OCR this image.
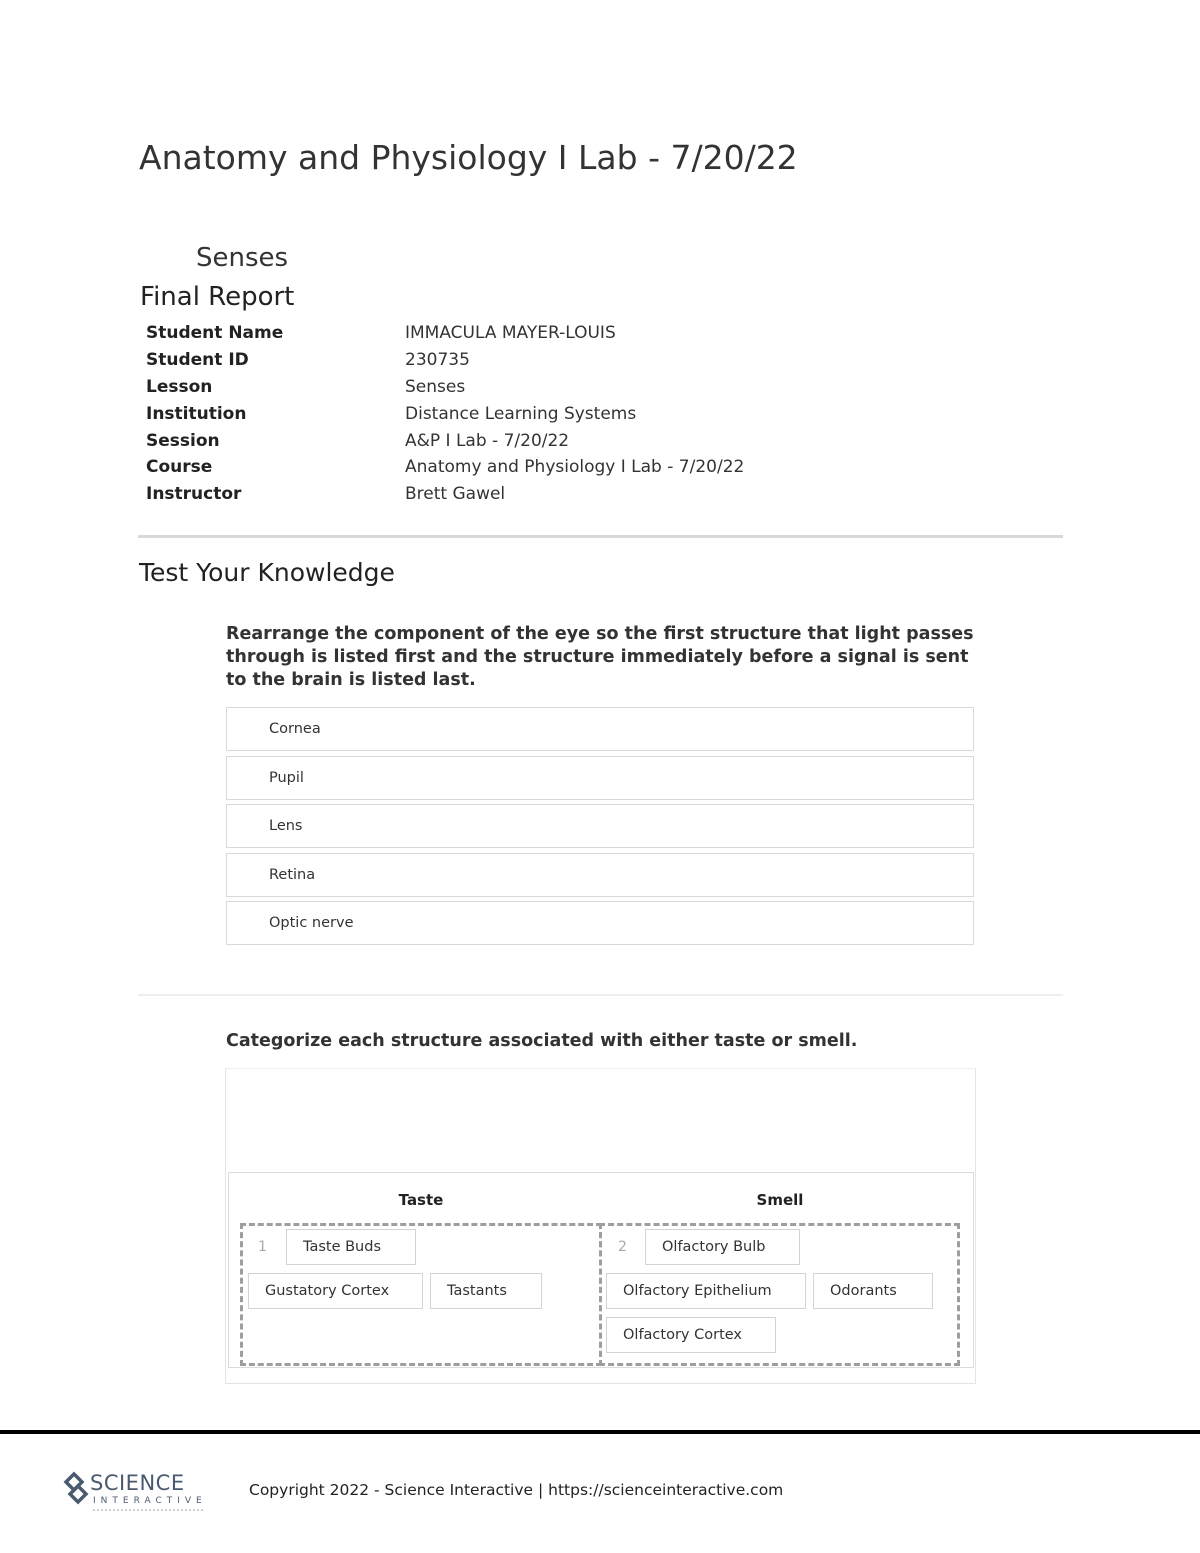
Anatomy and Physiology I Lab - 7/20/22
Senses
Final Report
Student Name	IMMACULA MAYER-LOUIS
Student ID	230735
Lesson	Senses
Institution	Distance Learning Systems
Session	A&P I Lab - 7/20/22
Course	Anatomy and Physiology I Lab - 7/20/22
Instructor	Brett Gawel
Test Your Knowledge
Rearrange the component of the eye so the first structure that light passes through is listed first and the structure immediately before a signal is sent to the brain is listed last.
Cornea
Pupil
Lens
Retina
Optic nerve
Categorize each structure associated with either taste or smell.
Taste	Smell
1	Taste Buds
Gustatory Cortex	Tastants
2	Olfactory Bulb
Olfactory Epithelium	Odorants
Olfactory Cortex
SCIENCE
INTERACTIVE
Copyright 2022 - Science Interactive | https://scienceinteractive.com
